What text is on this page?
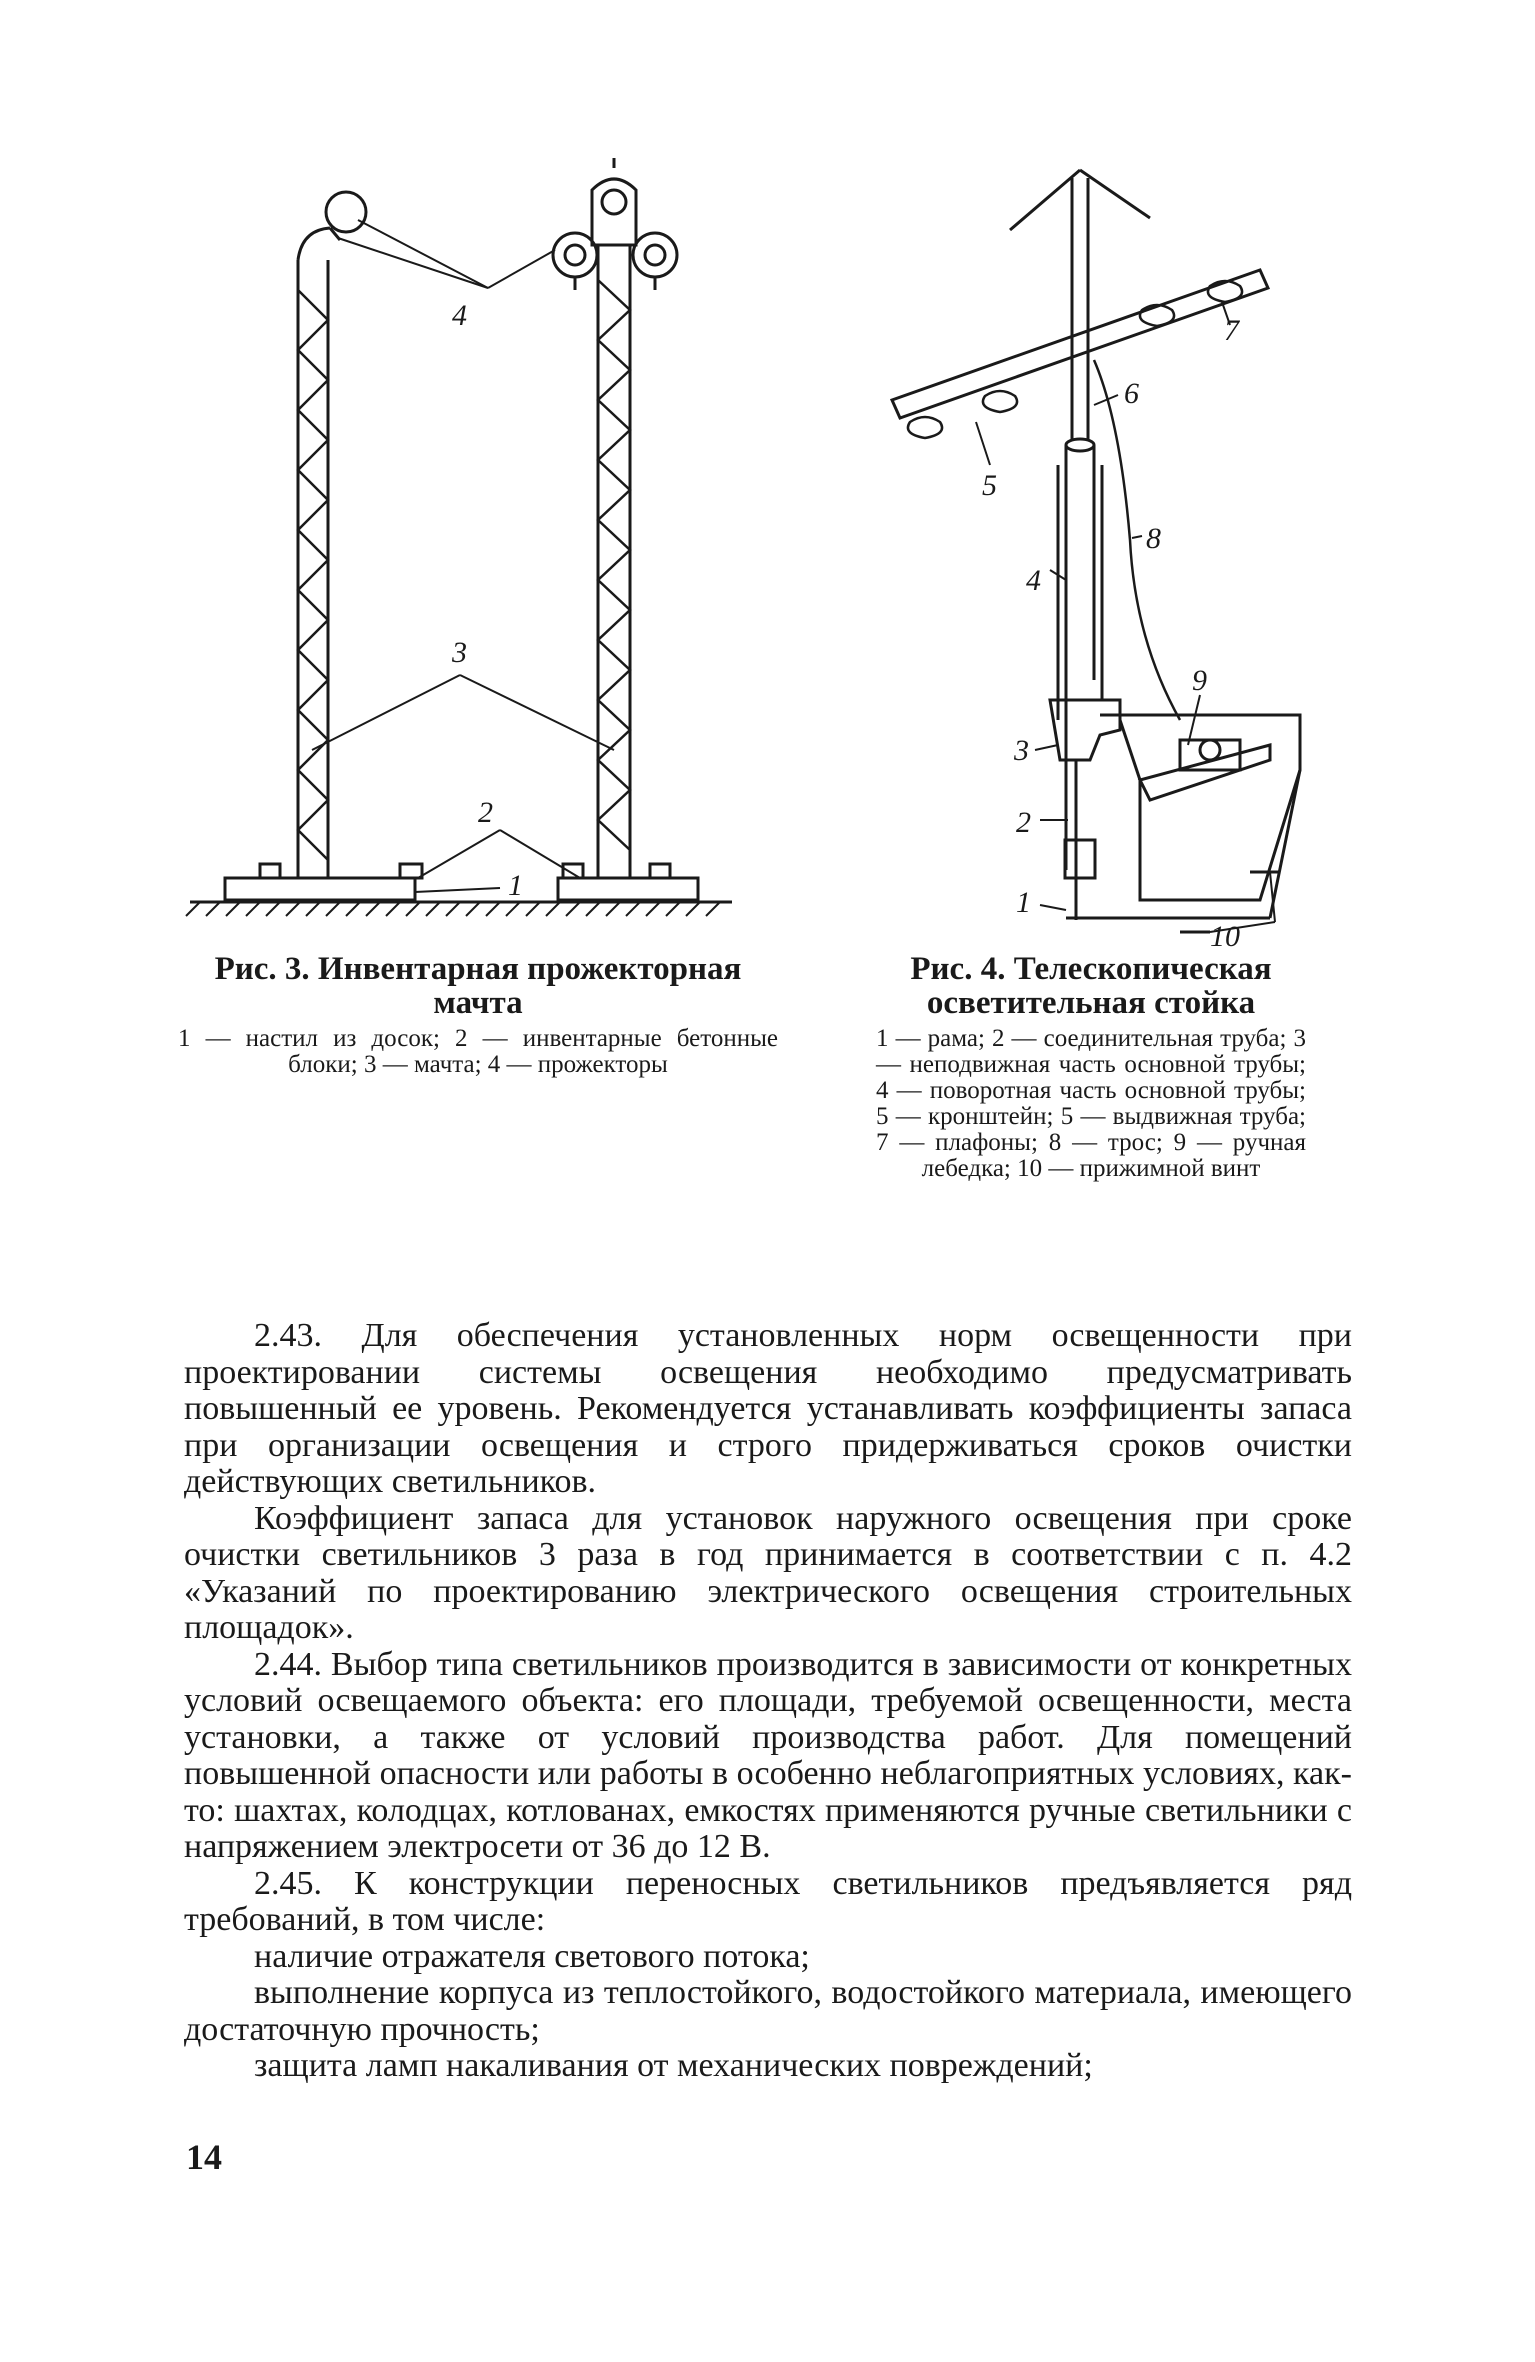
4
3
2
1
5
6
7
8
4
9
3
2
1
10
Рис. 3. Инвентарная прожекторная мачта
1 — настил из досок; 2 — инвентарные бетонные блоки; 3 — мачта; 4 — прожекторы
Рис. 4. Телескопическая осветительная стойка
1 — рама; 2 — соединительная труба; 3 — неподвижная часть основной трубы; 4 — поворотная часть основной трубы; 5 — кронштейн; 5 — выдвижная труба; 7 — плафоны; 8 — трос; 9 — ручная лебедка; 10 — прижимной винт

2.43. Для обеспечения установленных норм освещенности при проектировании системы освещения необходимо предусматривать повышенный ее уровень. Рекомендуется устанавливать коэффициенты запаса при организации освещения и строго придерживаться сроков очистки действующих светильников.

Коэффициент запаса для установок наружного освещения при сроке очистки светильников 3 раза в год принимается в соответствии с п. 4.2 «Указаний по проектированию электрического освещения строительных площадок».

2.44. Выбор типа светильников производится в зависимости от конкретных условий освещаемого объекта: его площади, требуемой освещенности, места установки, а также от условий производства работ. Для помещений повышенной опасности или работы в особенно неблагоприятных условиях, как-то: шахтах, колодцах, котлованах, емкостях применяются ручные светильники с напряжением электросети от 36 до 12 В.

2.45. К конструкции переносных светильников предъявляется ряд требований, в том числе:

наличие отражателя светового потока;

выполнение корпуса из теплостойкого, водостойкого материала, имеющего достаточную прочность;

защита ламп накаливания от механических повреждений;

14
